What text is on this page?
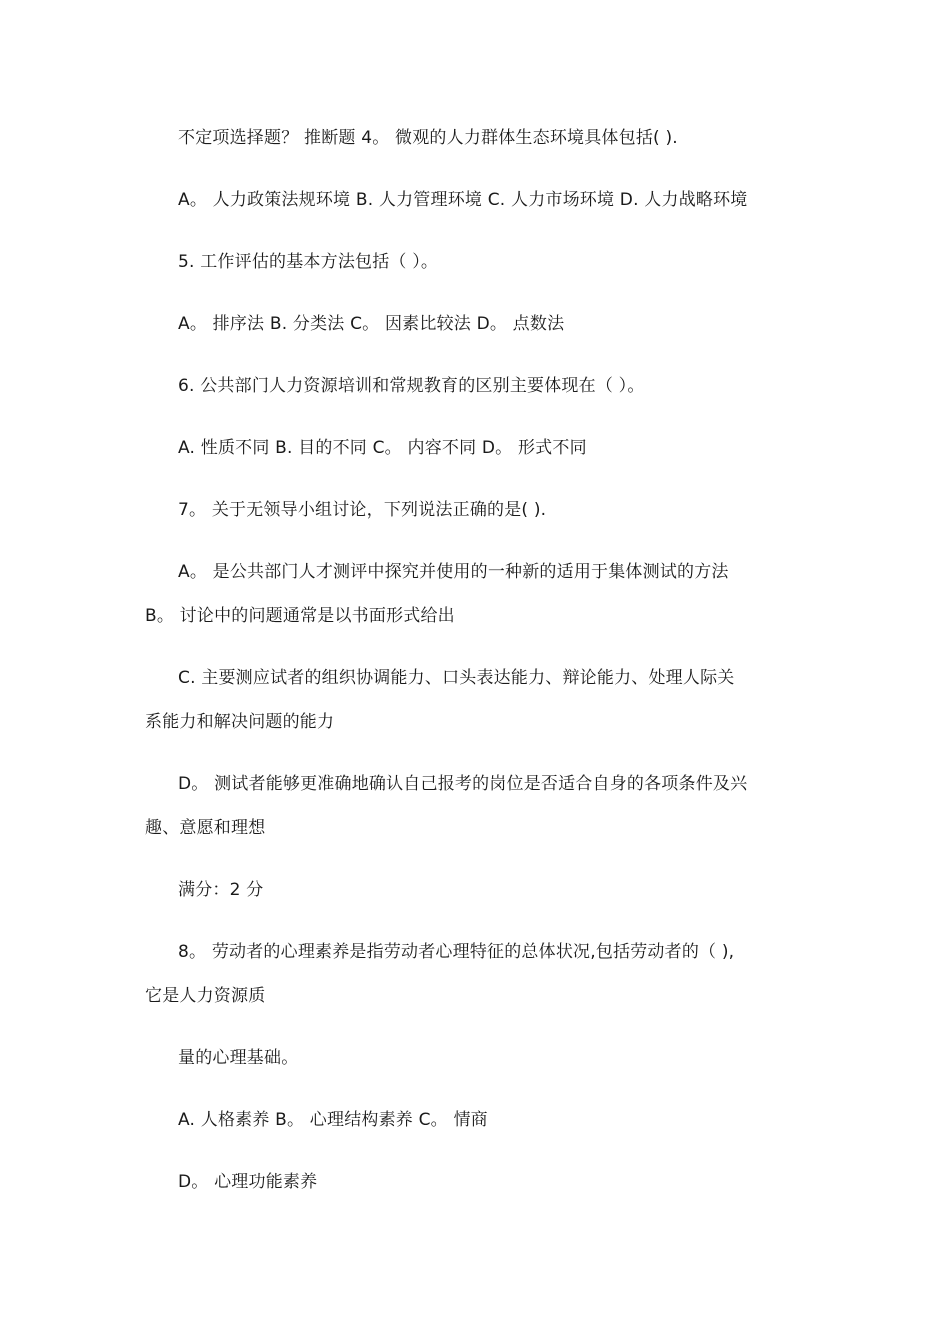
不定项选择题？ 推断题 4。 微观的人力群体生态环境具体包括( ).
A。 人力政策法规环境 B. 人力管理环境 C. 人力市场环境 D. 人力战略环境
5. 工作评估的基本方法包括（ ）。
A。 排序法 B. 分类法 C。 因素比较法 D。 点数法
6. 公共部门人力资源培训和常规教育的区别主要体现在（ ）。
A. 性质不同 B. 目的不同 C。 内容不同 D。 形式不同
7。 关于无领导小组讨论，下列说法正确的是( ).
A。 是公共部门人才测评中探究并使用的一种新的适用于集体测试的方法
B。 讨论中的问题通常是以书面形式给出
C. 主要测应试者的组织协调能力、口头表达能力、辩论能力、处理人际关
系能力和解决问题的能力
D。 测试者能够更准确地确认自己报考的岗位是否适合自身的各项条件及兴
趣、意愿和理想
满分：2 分
8。 劳动者的心理素养是指劳动者心理特征的总体状况,包括劳动者的（ ),
它是人力资源质
量的心理基础。
A. 人格素养 B。 心理结构素养 C。 情商
D。 心理功能素养
